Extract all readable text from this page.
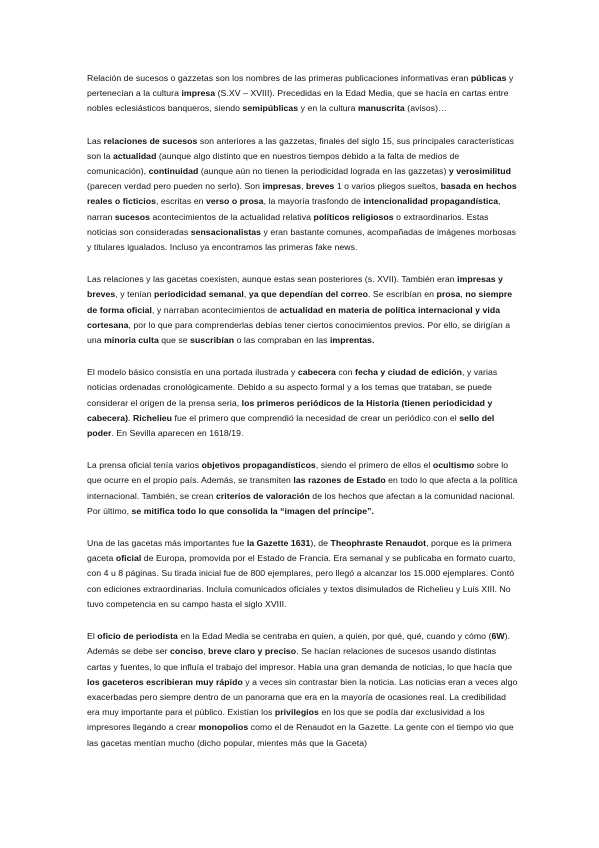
Relación de sucesos o gazzetas son los nombres de las primeras publicaciones informativas eran públicas y pertenecían a la cultura impresa (S.XV – XVIII). Precedidas en la Edad Media, que se hacía en cartas entre nobles eclesiásticos banqueros, siendo semipúblicas y en la cultura manuscrita (avisos)…

Las relaciones de sucesos son anteriores a las gazzetas, finales del siglo 15, sus principales características son la actualidad (aunque algo distinto que en nuestros tiempos debido a la falta de medios de comunicación), continuidad (aunque aún no tienen la periodicidad lograda en las gazzetas) y verosimilitud (parecen verdad pero pueden no serlo). Son impresas, breves 1 o varios pliegos sueltos, basada en hechos reales o ficticios, escritas en verso o prosa, la mayoría trasfondo de intencionalidad propagandística, narran sucesos acontecimientos de la actualidad relativa políticos religiosos o extraordinarios. Estas noticias son consideradas sensacionalistas y eran bastante comunes, acompañadas de imágenes morbosas y titulares igualados. Incluso ya encontramos las primeras fake news.

Las relaciones y las gacetas coexisten, aunque estas sean posteriores (s. XVII). También eran impresas y breves, y tenían periodicidad semanal, ya que dependían del correo. Se escribían en prosa, no siempre de forma oficial, y narraban acontecimientos de actualidad en materia de política internacional y vida cortesana, por lo que para comprenderlas debías tener ciertos conocimientos previos. Por ello, se dirigían a una minoría culta que se suscribían o las compraban en las imprentas.

El modelo básico consistía en una portada ilustrada y cabecera con fecha y ciudad de edición, y varias noticias ordenadas cronológicamente. Debido a su aspecto formal y a los temas que trataban, se puede considerar el origen de la prensa seria, los primeros periódicos de la Historia (tienen periodicidad y cabecera). Richelieu fue el primero que comprendió la necesidad de crear un periódico con el sello del poder. En Sevilla aparecen en 1618/19.

La prensa oficial tenía varios objetivos propagandísticos, siendo el primero de ellos el ocultismo sobre lo que ocurre en el propio país. Además, se transmiten las razones de Estado en todo lo que afecta a la política internacional. También, se crean criterios de valoración de los hechos que afectan a la comunidad nacional. Por último, se mitifica todo lo que consolida la “imagen del príncipe”.

Una de las gacetas más importantes fue la Gazette 1631), de Theophraste Renaudot, porque es la primera gaceta oficial de Europa, promovida por el Estado de Francia. Era semanal y se publicaba en formato cuarto, con 4 u 8 páginas. Su tirada inicial fue de 800 ejemplares, pero llegó a alcanzar los 15.000 ejemplares. Contó con ediciones extraordinarias. Incluía comunicados oficiales y textos disimulados de Richelieu y Luis XIII. No tuvo competencia en su campo hasta el siglo XVIII.

El oficio de periodista en la Edad Media se centraba en quien, a quien, por qué, qué, cuando y cómo (6W). Además se debe ser conciso, breve claro y preciso. Se hacían relaciones de sucesos usando distintas cartas y fuentes, lo que influía el trabajo del impresor. Había una gran demanda de noticias, lo que hacía que los gaceteros escribieran muy rápido y a veces sin contrastar bien la noticia. Las noticias eran a veces algo exacerbadas pero siempre dentro de un panorama que era en la mayoría de ocasiones real. La credibilidad era muy importante para el público. Existían los privilegios en los que se podía dar exclusividad a los impresores llegando a crear monopolios como el de Renaudot en la Gazette. La gente con el tiempo vio que las gacetas mentían mucho (dicho popular, mientes más que la Gaceta)
